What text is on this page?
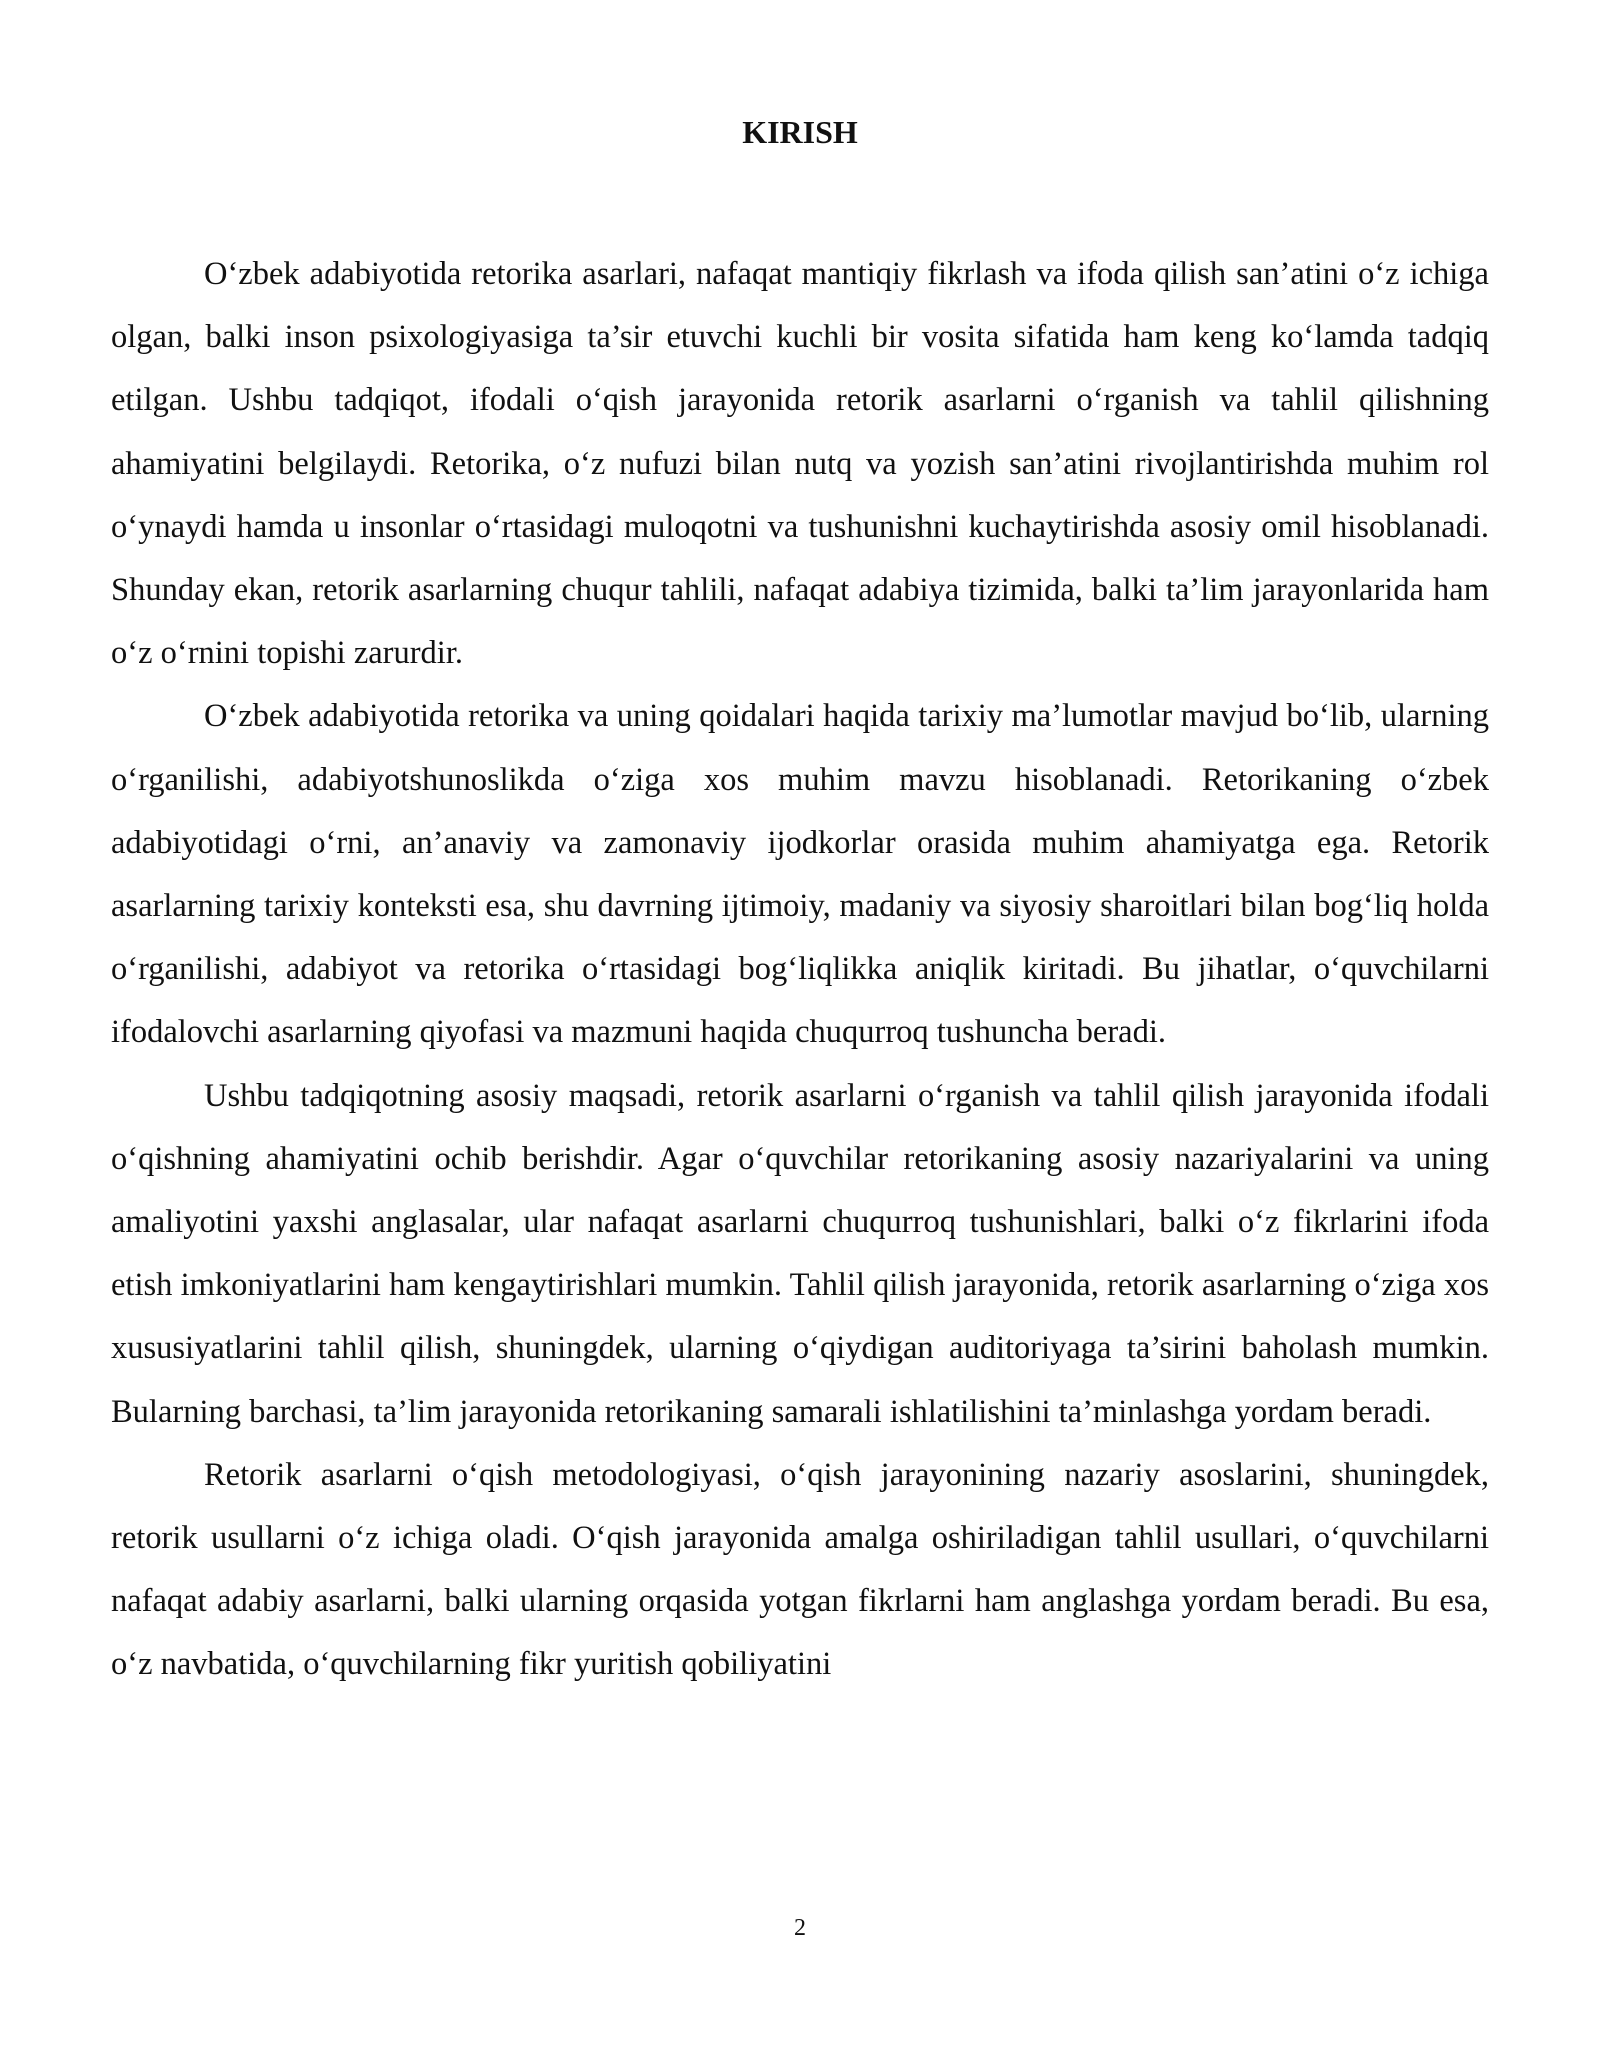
KIRISH

O‘zbek adabiyotida retorika asarlari, nafaqat mantiqiy fikrlash va ifoda qilish san’atini o‘z ichiga olgan, balki inson psixologiyasiga ta’sir etuvchi kuchli bir vosita sifatida ham keng ko‘lamda tadqiq etilgan. Ushbu tadqiqot, ifodali o‘qish jarayonida retorik asarlarni o‘rganish va tahlil qilishning ahamiyatini belgilaydi. Retorika, o‘z nufuzi bilan nutq va yozish san’atini rivojlantirishda muhim rol o‘ynaydi hamda u insonlar o‘rtasidagi muloqotni va tushunishni kuchaytirishda asosiy omil hisoblanadi. Shunday ekan, retorik asarlarning chuqur tahlili, nafaqat adabiya tizimida, balki ta’lim jarayonlarida ham o‘z o‘rnini topishi zarurdir.

O‘zbek adabiyotida retorika va uning qoidalari haqida tarixiy ma’lumotlar mavjud bo‘lib, ularning o‘rganilishi, adabiyotshunoslikda o‘ziga xos muhim mavzu hisoblanadi. Retorikaning o‘zbek adabiyotidagi o‘rni, an’anaviy va zamonaviy ijodkorlar orasida muhim ahamiyatga ega. Retorik asarlarning tarixiy konteksti esa, shu davrning ijtimoiy, madaniy va siyosiy sharoitlari bilan bog‘liq holda o‘rganilishi, adabiyot va retorika o‘rtasidagi bog‘liqlikka aniqlik kiritadi. Bu jihatlar, o‘quvchilarni ifodalovchi asarlarning qiyofasi va mazmuni haqida chuqurroq tushuncha beradi.

Ushbu tadqiqotning asosiy maqsadi, retorik asarlarni o‘rganish va tahlil qilish jarayonida ifodali o‘qishning ahamiyatini ochib berishdir. Agar o‘quvchilar retorikaning asosiy nazariyalarini va uning amaliyotini yaxshi anglasalar, ular nafaqat asarlarni chuqurroq tushunishlari, balki o‘z fikrlarini ifoda etish imkoniyatlarini ham kengaytirishlari mumkin. Tahlil qilish jarayonida, retorik asarlarning o‘ziga xos xususiyatlarini tahlil qilish, shuningdek, ularning o‘qiydigan auditoriyaga ta’sirini baholash mumkin. Bularning barchasi, ta’lim jarayonida retorikaning samarali ishlatilishini ta’minlashga yordam beradi.

Retorik asarlarni o‘qish metodologiyasi, o‘qish jarayonining nazariy asoslarini, shuningdek, retorik usullarni o‘z ichiga oladi. O‘qish jarayonida amalga oshiriladigan tahlil usullari, o‘quvchilarni nafaqat adabiy asarlarni, balki ularning orqasida yotgan fikrlarni ham anglashga yordam beradi. Bu esa, o‘z navbatida, o‘quvchilarning fikr yuritish qobiliyatini

2
